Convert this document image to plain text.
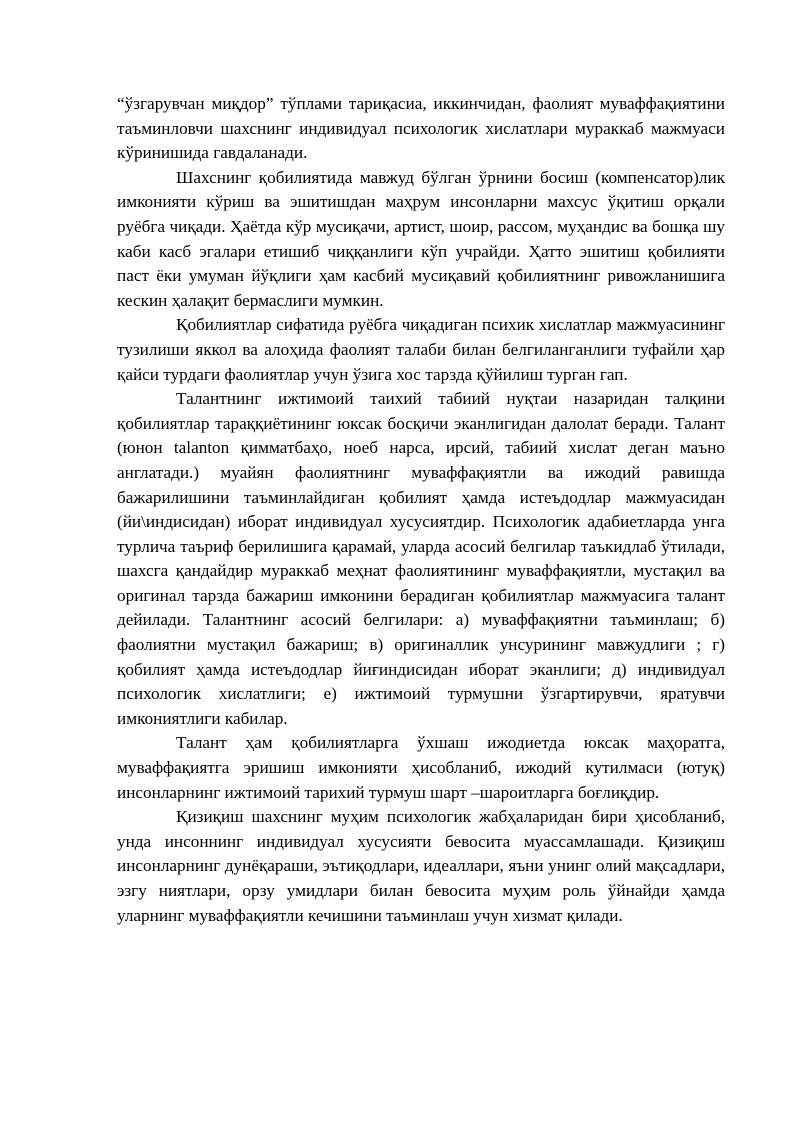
“ўзгарувчан миқдор” тўплами тариқасиа, иккинчидан, фаолият муваффақиятини таъминловчи шахснинг индивидуал психологик хислатлари мураккаб мажмуаси кўринишида гавдаланади.

Шахснинг қобилиятида мавжуд бўлган ўрнини босиш (компенсатор)лик имконияти кўриш ва эшитишдан маҳрум инсонларни махсус ўқитиш орқали руёбга чиқади. Ҳаётда кўр мусиқачи, артист, шоир, рассом, муҳандис ва бошқа шу каби касб эгалари етишиб чиққанлиги кўп учрайди. Ҳатто эшитиш қобилияти паст ёки умуман йўқлиги ҳам касбий мусиқавий қобилиятнинг ривожланишига кескин ҳалақит бермаслиги мумкин.

Қобилиятлар сифатида руёбга чиқадиган психик хислатлар мажмуасининг тузилиши яккол ва алоҳида фаолият талаби билан белгиланганлиги туфайли ҳар қайси турдаги фаолиятлар учун ўзига хос тарзда қўйилиш турган гап.

Талантнинг ижтимоий таихий табиий нуқтаи назаридан талқини қобилиятлар тараққиётининг юксак босқичи эканлигидан далолат беради. Талант (юнон talanton қимматбаҳо, ноеб нарса, ирсий, табиий хислат деган маъно англатади.) муайян фаолиятнинг муваффақиятли ва ижодий равишда бажарилишини таъминлайдиган қобилият ҳамда истеъдодлар мажмуасидан (йи\индисидан) иборат индивидуал хусусиятдир. Психологик адабиетларда унга турлича таъриф берилишига қарамай, уларда асосий белгилар таъкидлаб ўтилади, шахсга қандайдир мураккаб меҳнат фаолиятининг муваффақиятли, мустақил ва оригинал тарзда бажариш имконини берадиган қобилиятлар мажмуасига талант дейилади. Талантнинг асосий белгилари: а) муваффақиятни таъминлаш; б) фаолиятни мустақил бажариш; в) оригиналлик унсурининг мавжудлиги ; г) қобилият ҳамда истеъдодлар йиғиндисидан иборат эканлиги; д) индивидуал психологик хислатлиги; е) ижтимоий турмушни ўзгартирувчи, яратувчи имкониятлиги кабилар.

Талант ҳам қобилиятларга ўхшаш ижодиетда юксак маҳоратга, муваффақиятга эришиш имконияти ҳисобланиб, ижодий кутилмаси (ютуқ) инсонларнинг ижтимоий тарихий турмуш шарт –шароитларга боғлиқдир.

Қизиқиш шахснинг муҳим психологик жабҳаларидан бири ҳисобланиб, унда инсоннинг индивидуал хусусияти бевосита муассамлашади. Қизиқиш инсонларнинг дунёқараши, эътиқодлари, идеаллари, яъни унинг олий мақсадлари, эзгу ниятлари, орзу умидлари билан бевосита муҳим роль ўйнайди ҳамда уларнинг муваффақиятли кечишини таъминлаш учун хизмат қилади.
